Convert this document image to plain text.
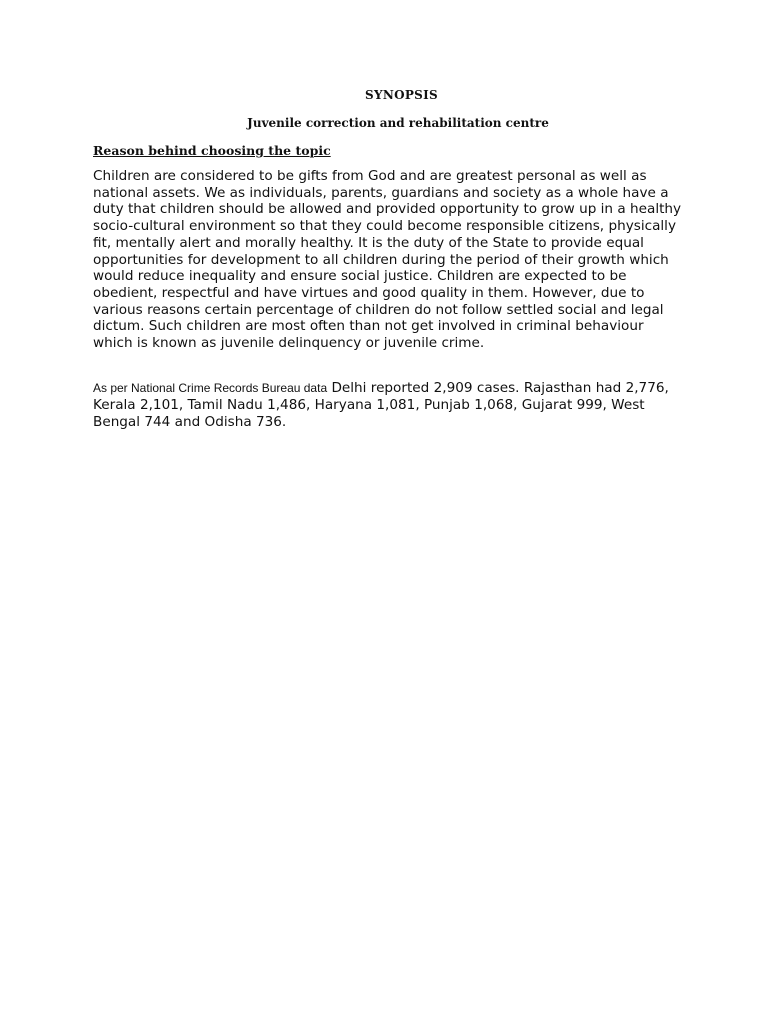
SYNOPSIS
Juvenile correction and rehabilitation centre
Reason behind choosing the topic

Children are considered to be gifts from God and are greatest personal as well as national assets. We as individuals, parents, guardians and society as a whole have a duty that children should be allowed and provided opportunity to grow up in a healthy socio-cultural environment so that they could become responsible citizens, physically fit, mentally alert and morally healthy. It is the duty of the State to provide equal opportunities for development to all children during the period of their growth which would reduce inequality and ensure social justice. Children are expected to be obedient, respectful and have virtues and good quality in them. However, due to various reasons certain percentage of children do not follow settled social and legal dictum. Such children are most often than not get involved in criminal behaviour which is known as juvenile delinquency or juvenile crime.

As per National Crime Records Bureau data Delhi reported 2,909 cases. Rajasthan had 2,776, Kerala 2,101, Tamil Nadu 1,486, Haryana 1,081, Punjab 1,068, Gujarat 999, West Bengal 744 and Odisha 736.
